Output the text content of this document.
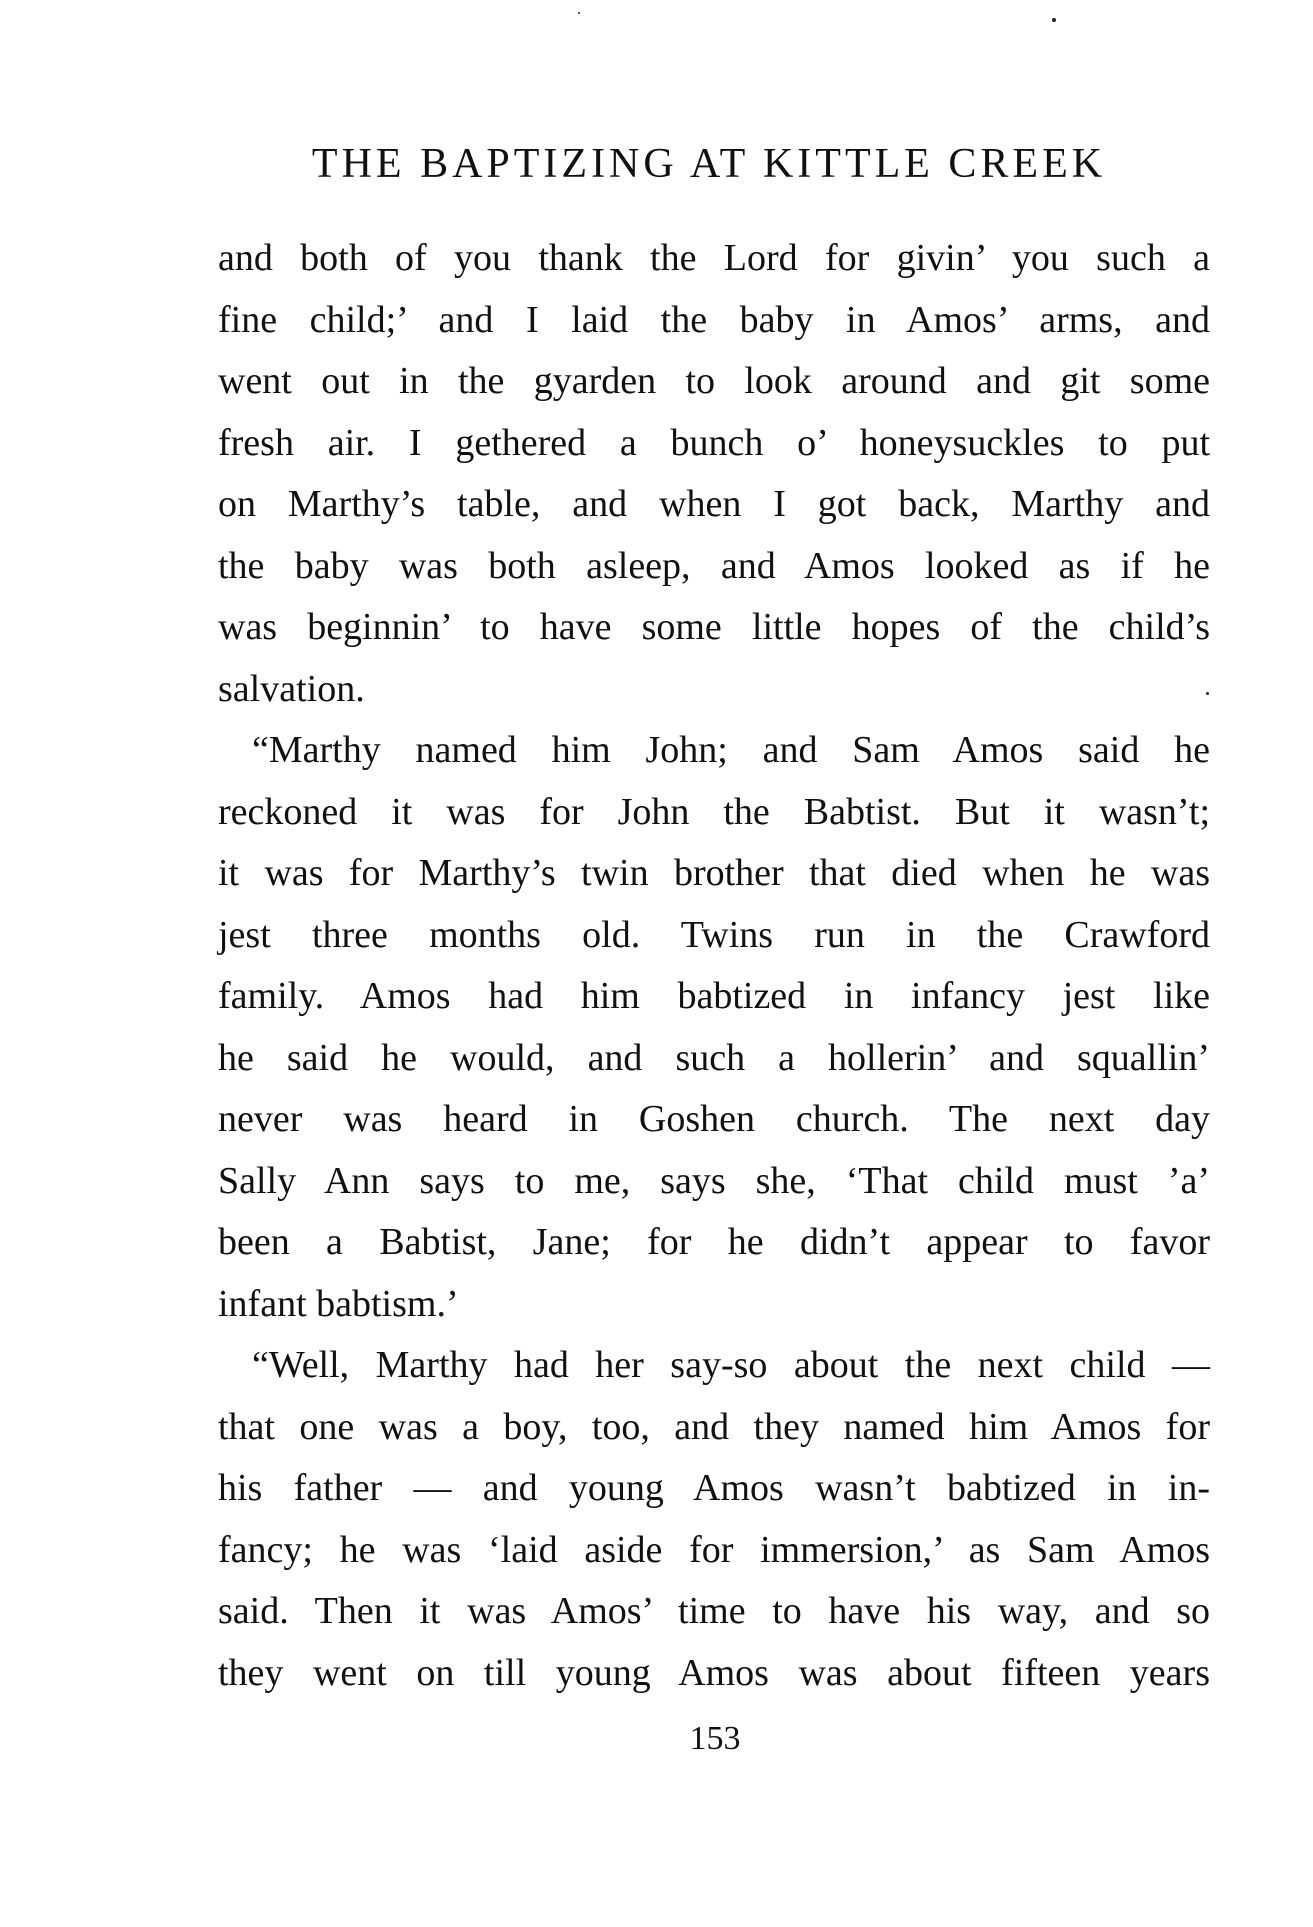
THE BAPTIZING AT KITTLE CREEK
and both of you thank the Lord for givin’ you such a
fine child;’ and I laid the baby in Amos’ arms, and
went out in the gyarden to look around and git some
fresh air. I gethered a bunch o’ honeysuckles to put
on Marthy’s table, and when I got back, Marthy and
the baby was both asleep, and Amos looked as if he
was beginnin’ to have some little hopes of the child’s
salvation.
“Marthy named him John; and Sam Amos said he
reckoned it was for John the Babtist. But it wasn’t;
it was for Marthy’s twin brother that died when he was
jest three months old. Twins run in the Crawford
family. Amos had him babtized in infancy jest like
he said he would, and such a hollerin’ and squallin’
never was heard in Goshen church. The next day
Sally Ann says to me, says she, ‘That child must ’a’
been a Babtist, Jane; for he didn’t appear to favor
infant babtism.’
“Well, Marthy had her say-so about the next child —
that one was a boy, too, and they named him Amos for
his father — and young Amos wasn’t babtized in in-
fancy; he was ‘laid aside for immersion,’ as Sam Amos
said. Then it was Amos’ time to have his way, and so
they went on till young Amos was about fifteen years
153
